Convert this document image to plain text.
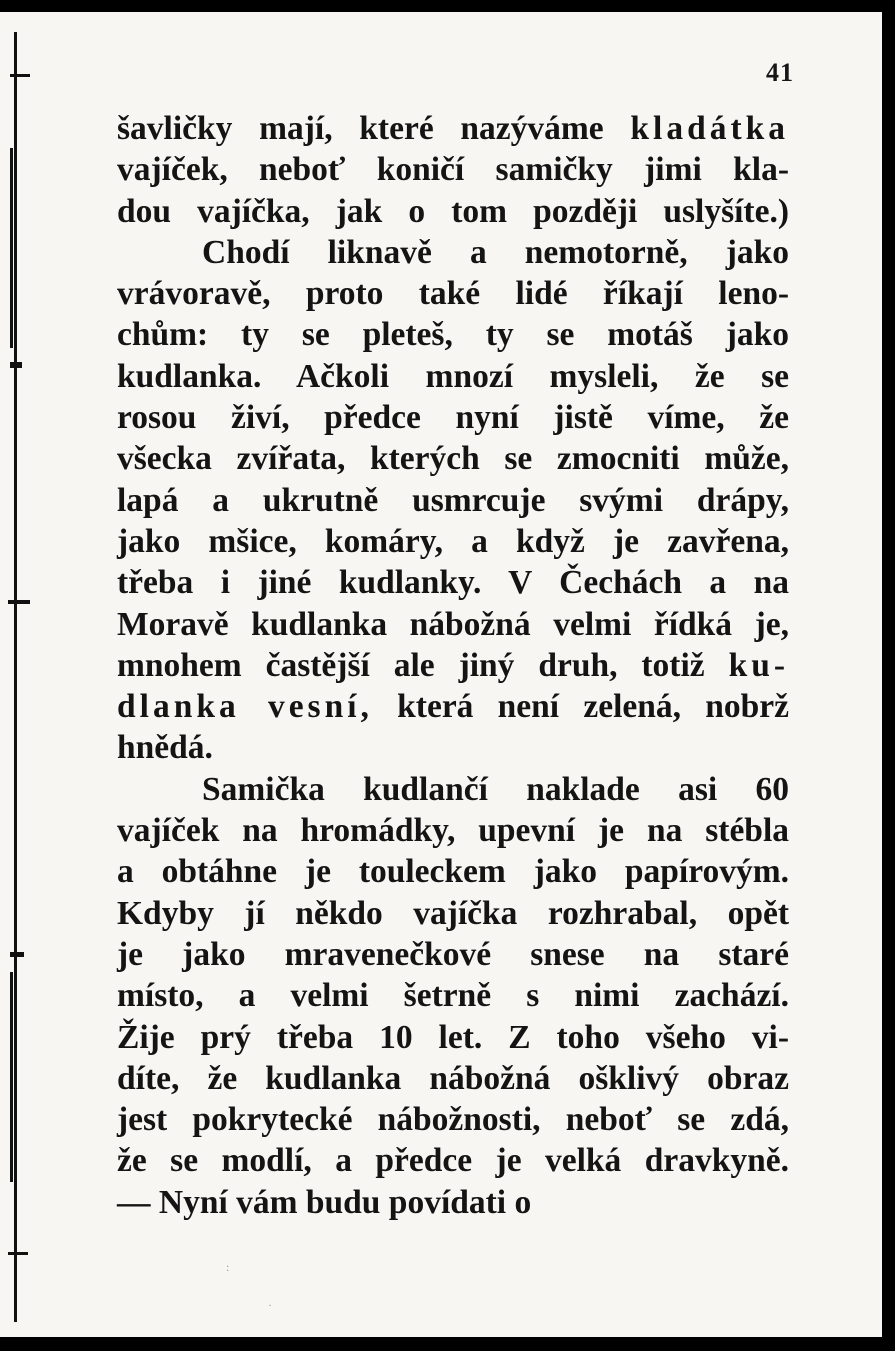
41
šavličky mají, které nazýváme kladátka
vajíček, neboť koničí samičky jimi kla-
dou vajíčka, jak o tom později uslyšíte.)
Chodí liknavě a nemotorně, jako
vrávoravě, proto také lidé říkají leno-
chům: ty se pleteš, ty se motáš jako
kudlanka. Ačkoli mnozí mysleli, že se
rosou živí, předce nyní jistě víme, že
všecka zvířata, kterých se zmocniti může,
lapá a ukrutně usmrcuje svými drápy,
jako mšice, komáry, a když je zavřena,
třeba i jiné kudlanky. V Čechách a na
Moravě kudlanka nábožná velmi řídká je,
mnohem častější ale jiný druh, totiž ku-
dlanka vesní, která není zelená, nobrž
hnědá.
Samička kudlančí naklade asi 60
vajíček na hromádky, upevní je na stébla
a obtáhne je touleckem jako papírovým.
Kdyby jí někdo vajíčka rozhrabal, opět
je jako mravenečkové snese na staré
místo, a velmi šetrně s nimi zachází.
Žije prý třeba 10 let. Z toho všeho vi-
díte, že kudlanka nábožná ošklivý obraz
jest pokrytecké nábožnosti, neboť se zdá,
že se modlí, a předce je velká dravkyně.
— Nyní vám budu povídati o
:
·
